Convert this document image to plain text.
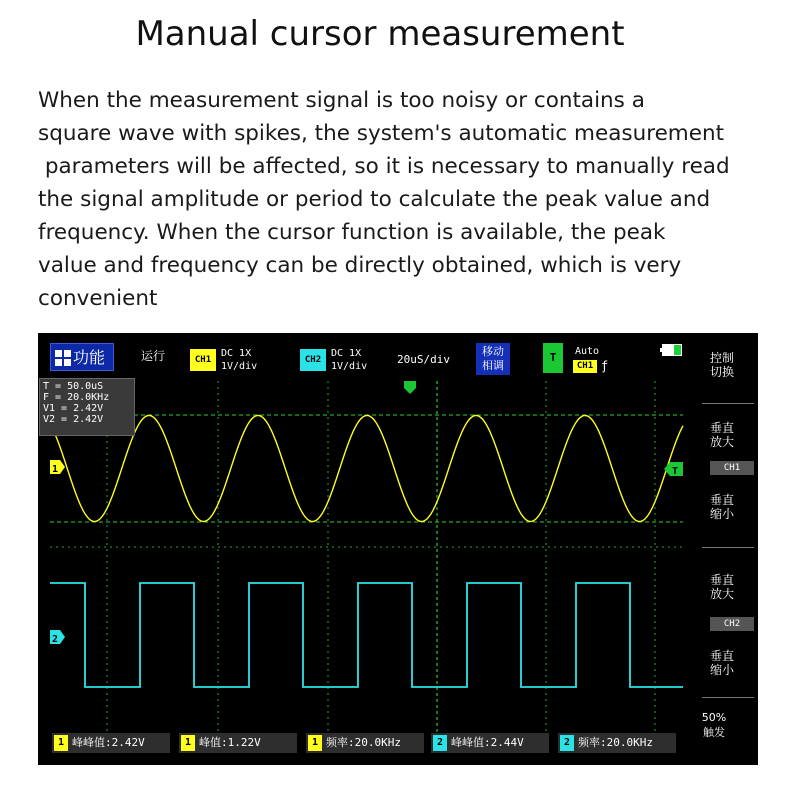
Manual cursor measurement
When the measurement signal is too noisy or contains a
square wave with spikes, the system's automatic measurement
parameters will be affected, so it is necessary to manually read
the signal amplitude or period to calculate the peak value and
frequency. When the cursor function is available, the peak
value and frequency can be directly obtained, which is very
convenient
1
2
T
功能	运行	CH1
DC 1X
1V/div
CH2
DC 1X
1V/div
20uS/div
移动
相调
T	Auto
CH1 ƒ
T = 50.0uS
F = 20.0KHz
V1 = 2.42V
V2 = 2.42V
控制
切换
垂直
放大
CH1
垂直
缩小
垂直
放大
CH2
垂直
缩小
50%
触发
1 峰峰值:2.42V	1 峰值:1.22V	1 频率:20.0KHz	2 峰峰值:2.44V	2 频率:20.0KHz
